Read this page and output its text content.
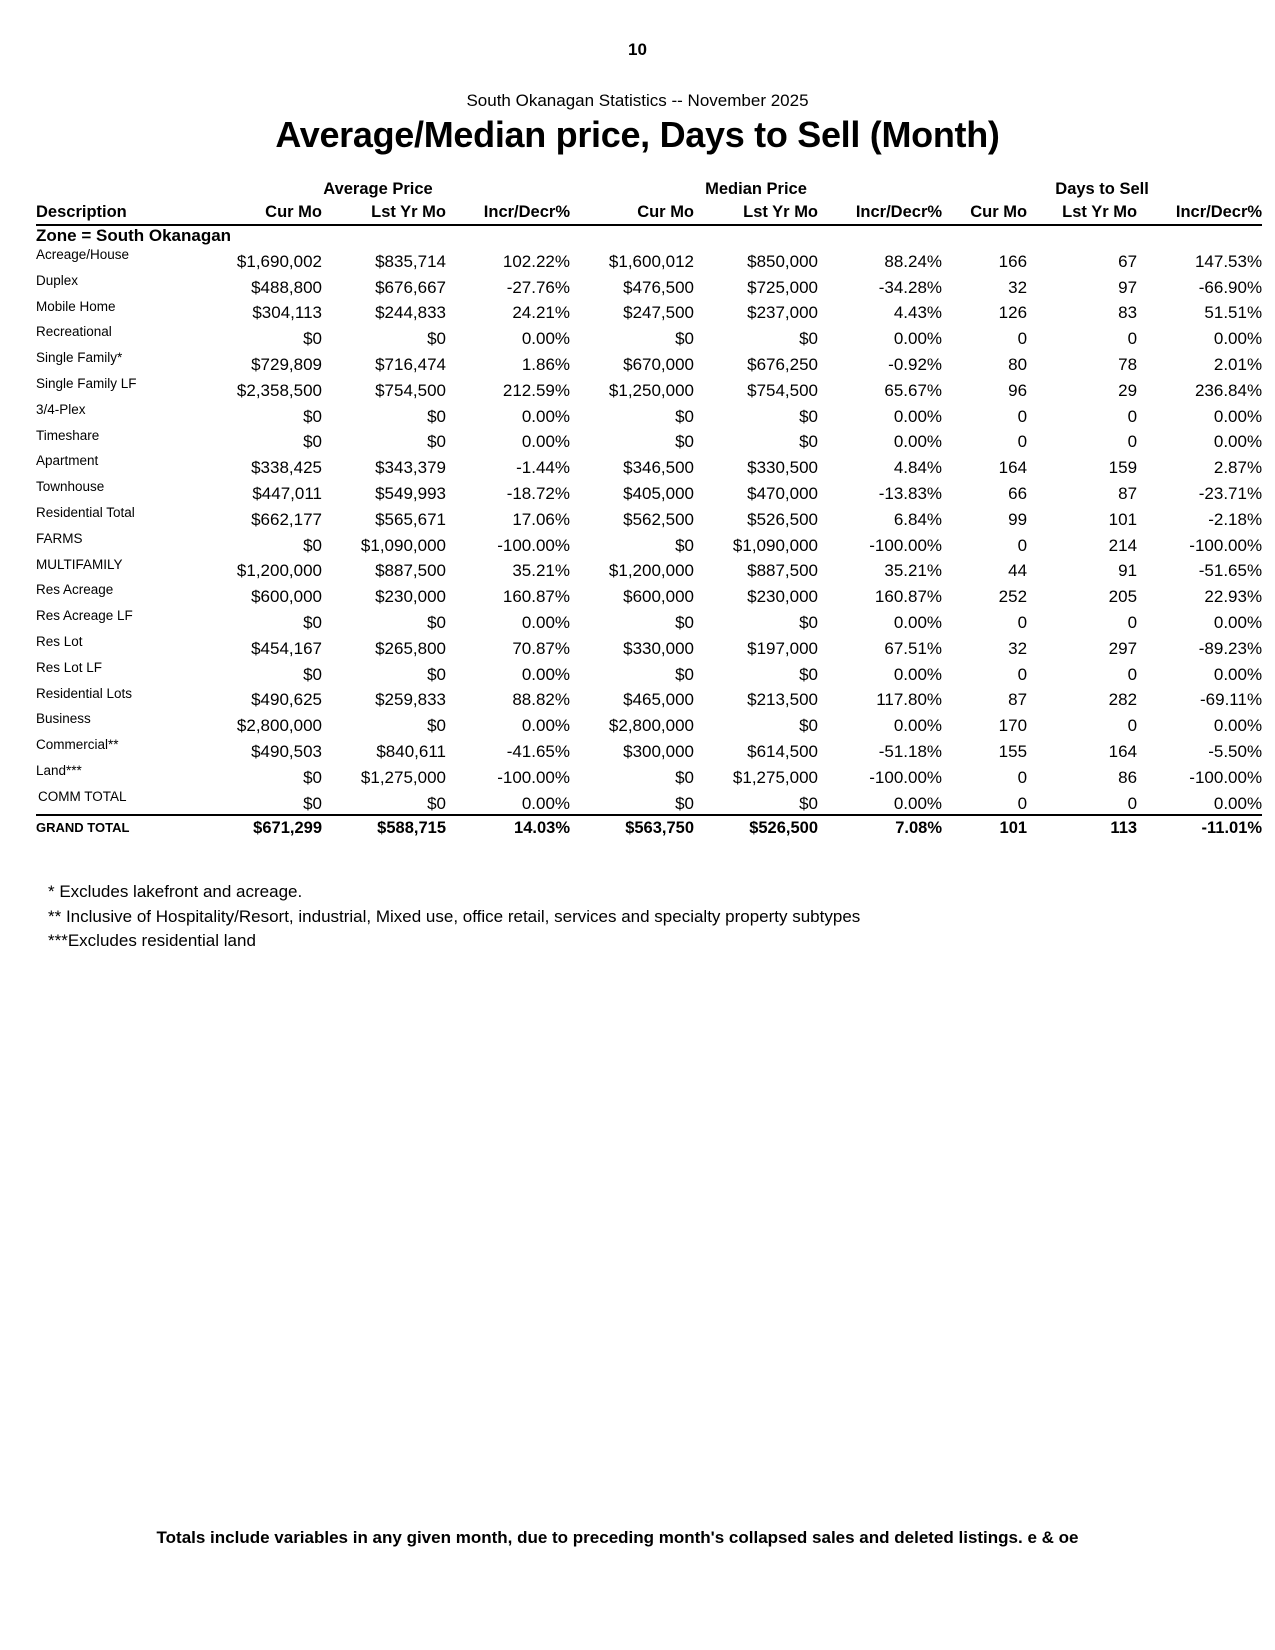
10
South Okanagan Statistics -- November 2025
Average/Median price, Days to Sell (Month)
	Average Price			Median Price			Days to Sell		
Description	Cur Mo	Lst Yr Mo	Incr/Decr%	Cur Mo	Lst Yr Mo	Incr/Decr%	Cur Mo	Lst Yr Mo	Incr/Decr%
Zone = South Okanagan									
Acreage/House	$1,690,002	$835,714	102.22%	$1,600,012	$850,000	88.24%	166	67	147.53%
Duplex	$488,800	$676,667	-27.76%	$476,500	$725,000	-34.28%	32	97	-66.90%
Mobile Home	$304,113	$244,833	24.21%	$247,500	$237,000	4.43%	126	83	51.51%
Recreational	$0	$0	0.00%	$0	$0	0.00%	0	0	0.00%
Single Family*	$729,809	$716,474	1.86%	$670,000	$676,250	-0.92%	80	78	2.01%
Single Family LF	$2,358,500	$754,500	212.59%	$1,250,000	$754,500	65.67%	96	29	236.84%
3/4-Plex	$0	$0	0.00%	$0	$0	0.00%	0	0	0.00%
Timeshare	$0	$0	0.00%	$0	$0	0.00%	0	0	0.00%
Apartment	$338,425	$343,379	-1.44%	$346,500	$330,500	4.84%	164	159	2.87%
Townhouse	$447,011	$549,993	-18.72%	$405,000	$470,000	-13.83%	66	87	-23.71%
Residential Total	$662,177	$565,671	17.06%	$562,500	$526,500	6.84%	99	101	-2.18%
FARMS	$0	$1,090,000	-100.00%	$0	$1,090,000	-100.00%	0	214	-100.00%
MULTIFAMILY	$1,200,000	$887,500	35.21%	$1,200,000	$887,500	35.21%	44	91	-51.65%
Res Acreage	$600,000	$230,000	160.87%	$600,000	$230,000	160.87%	252	205	22.93%
Res Acreage LF	$0	$0	0.00%	$0	$0	0.00%	0	0	0.00%
Res Lot	$454,167	$265,800	70.87%	$330,000	$197,000	67.51%	32	297	-89.23%
Res Lot LF	$0	$0	0.00%	$0	$0	0.00%	0	0	0.00%
Residential Lots	$490,625	$259,833	88.82%	$465,000	$213,500	117.80%	87	282	-69.11%
Business	$2,800,000	$0	0.00%	$2,800,000	$0	0.00%	170	0	0.00%
Commercial**	$490,503	$840,611	-41.65%	$300,000	$614,500	-51.18%	155	164	-5.50%
Land***	$0	$1,275,000	-100.00%	$0	$1,275,000	-100.00%	0	86	-100.00%
COMM TOTAL	$0	$0	0.00%	$0	$0	0.00%	0	0	0.00%
GRAND TOTAL	$671,299	$588,715	14.03%	$563,750	$526,500	7.08%	101	113	-11.01%
* Excludes lakefront and acreage.
** Inclusive of Hospitality/Resort, industrial, Mixed use, office retail, services and specialty property subtypes
***Excludes residential land
Totals include variables in any given month, due to preceding month's collapsed sales and deleted listings. e & oe
